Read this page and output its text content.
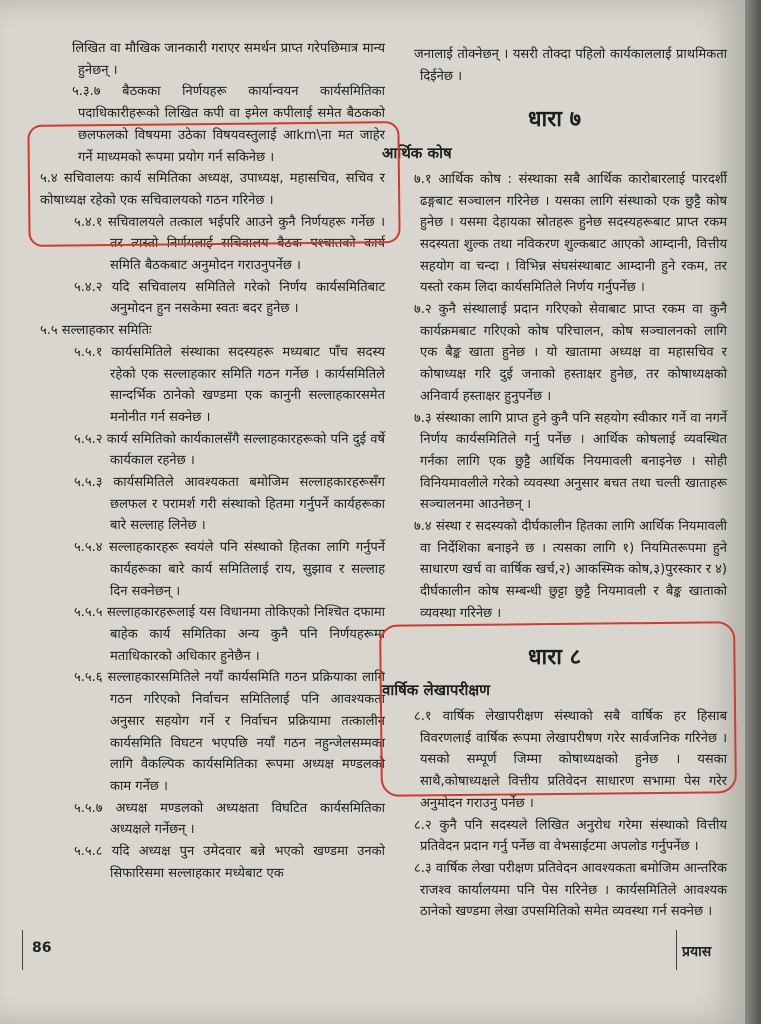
लिखित वा मौखिक जानकारी गराएर समर्थन प्राप्त गरेपछिमात्र मान्य हुनेछन् ।

५.३.७ बैठकका निर्णयहरू कार्यान्वयन कार्यसमितिका पदाधिकारीहरूको लिखित कपी वा इमेल कपीलाई समेत बैठकको छलफलको विषयमा उठेका विषयवस्तुलाई आkm\ना मत जाहेर गर्ने माध्यमको रूपमा प्रयोग गर्न सकिनेछ ।

५.४ सचिवालयः कार्य समितिका अध्यक्ष, उपाध्यक्ष, महासचिव, सचिव र कोषाध्यक्ष रहेको एक सचिवालयको गठन गरिनेछ ।

५.४.१ सचिवालयले तत्काल भईपरि आउने कुनै निर्णयहरू गर्नेछ । तर त्यस्तो निर्णयलाई सचिवालय बैठक पश्चातको कार्य समिति बैठकबाट अनुमोदन गराउनुपर्नेछ ।

५.४.२ यदि सचिवालय समितिले गरेको निर्णय कार्यसमितिबाट अनुमोदन हुन नसकेमा स्वतः बदर हुनेछ ।

५.५ सल्लाहकार समितिः

५.५.१ कार्यसमितिले संस्थाका सदस्यहरू मध्यबाट पाँच सदस्य रहेको एक सल्लाहकार समिति गठन गर्नेछ । कार्यसमितिले सान्दर्भिक ठानेको खण्डमा एक कानुनी सल्लाहकारसमेत मनोनीत गर्न सक्नेछ ।

५.५.२ कार्य समितिको कार्यकालसँगै सल्लाहकारहरूको पनि दुई वर्षे कार्यकाल रहनेछ ।

५.५.३ कार्यसमितिले आवश्यकता बमोजिम सल्लाहकारहरूसँग छलफल र परामर्श गरी संस्थाको हितमा गर्नुपर्ने कार्यहरूका बारे सल्लाह लिनेछ ।

५.५.४ सल्लाहकारहरू स्वयंले पनि संस्थाको हितका लागि गर्नुपर्ने कार्यहरूका बारे कार्य समितिलाई राय, सुझाव र सल्लाह दिन सक्नेछन् ।

५.५.५ सल्लाहकारहरूलाई यस विधानमा तोकिएको निश्चित दफामा बाहेक कार्य समितिका अन्य कुनै पनि निर्णयहरूमा मताधिकारको अधिकार हुनेछैन ।

५.५.६ सल्लाहकारसमितिले नयाँ कार्यसमिति गठन प्रक्रियाका लागि गठन गरिएको निर्वाचन समितिलाई पनि आवश्यकता अनुसार सहयोग गर्ने र निर्वाचन प्रक्रियामा तत्कालीन कार्यसमिति विघटन भएपछि नयाँ गठन नहुन्जेलसम्मका लागि वैकल्पिक कार्यसमितिका रूपमा अध्यक्ष मण्डलको काम गर्नेछ ।

५.५.७ अध्यक्ष मण्डलको अध्यक्षता विघटित कार्यसमितिका अध्यक्षले गर्नेछन् ।

५.५.८ यदि अध्यक्ष पुन उमेदवार बन्ने भएको खण्डमा उनको सिफारिसमा सल्लाहकार मध्येबाट एक

जनालाई तोक्नेछन् । यसरी तोक्दा पहिलो कार्यकाललाई प्राथमिकता दिईनेछ ।

धारा ७
आर्थिक कोष

७.१ आर्थिक कोष : संस्थाका सबै आर्थिक कारोबारलाई पारदर्शी ढङ्गबाट सञ्चालन गरिनेछ । यसका लागि संस्थाको एक छुट्टै कोष हुनेछ । यसमा देहायका स्रोतहरू हुनेछ सदस्यहरूबाट प्राप्त रकम सदस्यता शुल्क तथा नविकरण शुल्कबाट आएको आम्दानी, वित्तीय सहयोग वा चन्दा । विभिन्न संघसंस्थाबाट आम्दानी हुने रकम, तर यस्तो रकम लिदा कार्यसमितिले निर्णय गर्नुपर्नेछ ।

७.२ कुनै संस्थालाई प्रदान गरिएको सेवाबाट प्राप्त रकम वा कुनै कार्यक्रमबाट गरिएको कोष परिचालन, कोष सञ्चालनको लागि एक बैङ्क खाता हुनेछ । यो खातामा अध्यक्ष वा महासचिव र कोषाध्यक्ष गरि दुई जनाको हस्ताक्षर हुनेछ, तर कोषाध्यक्षको अनिवार्य हस्ताक्षर हुनुपर्नेछ ।

७.३ संस्थाका लागि प्राप्त हुने कुनै पनि सहयोग स्वीकार गर्ने वा नगर्ने निर्णय कार्यसमितिले गर्नु पर्नेछ । आर्थिक कोषलाई व्यवस्थित गर्नका लागि एक छुट्टै आर्थिक नियमावली बनाइनेछ । सोही विनियमावलीले गरेको व्यवस्था अनुसार बचत तथा चल्ती खाताहरू सञ्चालनमा आउनेछन् ।

७.४ संस्था र सदस्यको दीर्घकालीन हितका लागि आर्थिक नियमावली वा निर्देशिका बनाइने छ । त्यसका लागि १) नियमितरूपमा हुने साधारण खर्च वा वार्षिक खर्च,२) आकस्मिक कोष,३)पुरस्कार र ४) दीर्घकालीन कोष सम्बन्धी छुट्टा छुट्टै नियमावली र बैङ्क खाताको व्यवस्था गरिनेछ ।

धारा ८
वार्षिक लेखापरीक्षण

८.१ वार्षिक लेखापरीक्षण संस्थाको सबै वार्षिक हर हिसाब विवरणलाई वार्षिक रूपमा लेखापरीषण गरेर सार्वजनिक गरिनेछ । यसको सम्पूर्ण जिम्मा कोषाध्यक्षको हुनेछ । यसका साथै,कोषाध्यक्षले वित्तीय प्रतिवेदन साधारण सभामा पेस गरेर अनुमोदन गराउनु पर्नेछ ।

८.२ कुनै पनि सदस्यले लिखित अनुरोध गरेमा संस्थाको वित्तीय प्रतिवेदन प्रदान गर्नु पर्नेछ वा वेभसाईटमा अपलोड गर्नुपर्नेछ ।

८.३ वार्षिक लेखा परीक्षण प्रतिवेदन आवश्यकता बमोजिम आन्तरिक राजश्व कार्यालयमा पनि पेस गरिनेछ । कार्यसमितिले आवश्यक ठानेको खण्डमा लेखा उपसमितिको समेत व्यवस्था गर्न सक्नेछ ।

86	प्रयास
